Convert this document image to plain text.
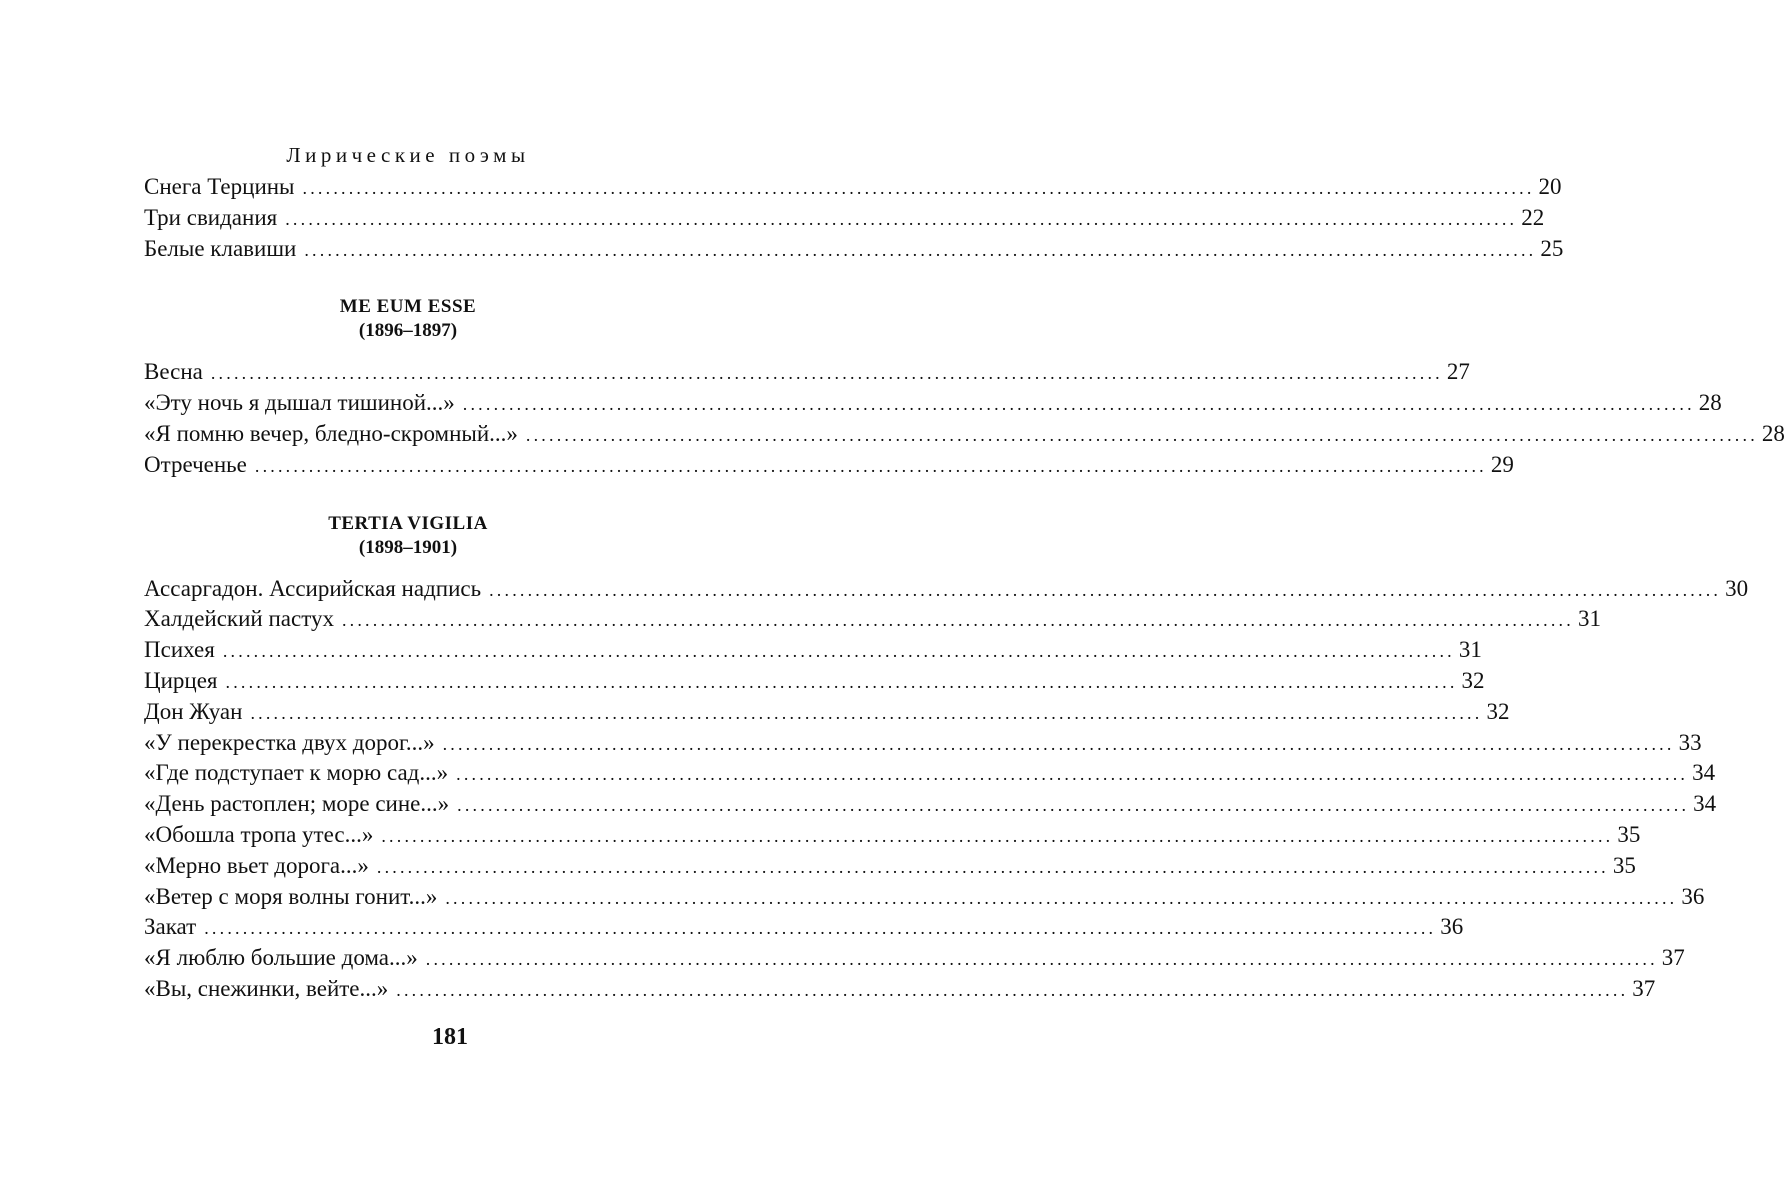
Лирические поэмы
Снега Терцины ................................................................................................................................................................ 20
Три свидания ................................................................................................................................................................ 22
Белые клавиши ................................................................................................................................................................ 25
ME EUM ESSE
(1896–1897)
Весна ................................................................................................................................................................ 27
«Эту ночь я дышал тишиной...» ................................................................................................................................................................ 28
«Я помню вечер, бледно-скромный...» ................................................................................................................................................................ 28
Отреченье ................................................................................................................................................................ 29
TERTIA VIGILIA
(1898–1901)
Ассаргадон. Ассирийская надпись ................................................................................................................................................................ 30
Халдейский пастух ................................................................................................................................................................ 31
Психея ................................................................................................................................................................ 31
Цирцея ................................................................................................................................................................ 32
Дон Жуан ................................................................................................................................................................ 32
«У перекрестка двух дорог...» ................................................................................................................................................................ 33
«Где подступает к морю сад...» ................................................................................................................................................................ 34
«День растоплен; море сине...» ................................................................................................................................................................ 34
«Обошла тропа утес...» ................................................................................................................................................................ 35
«Мерно вьет дорога...» ................................................................................................................................................................ 35
«Ветер с моря волны гонит...» ................................................................................................................................................................ 36
Закат ................................................................................................................................................................ 36
«Я люблю большие дома...» ................................................................................................................................................................ 37
«Вы, снежинки, вейте...» ................................................................................................................................................................ 37
181
